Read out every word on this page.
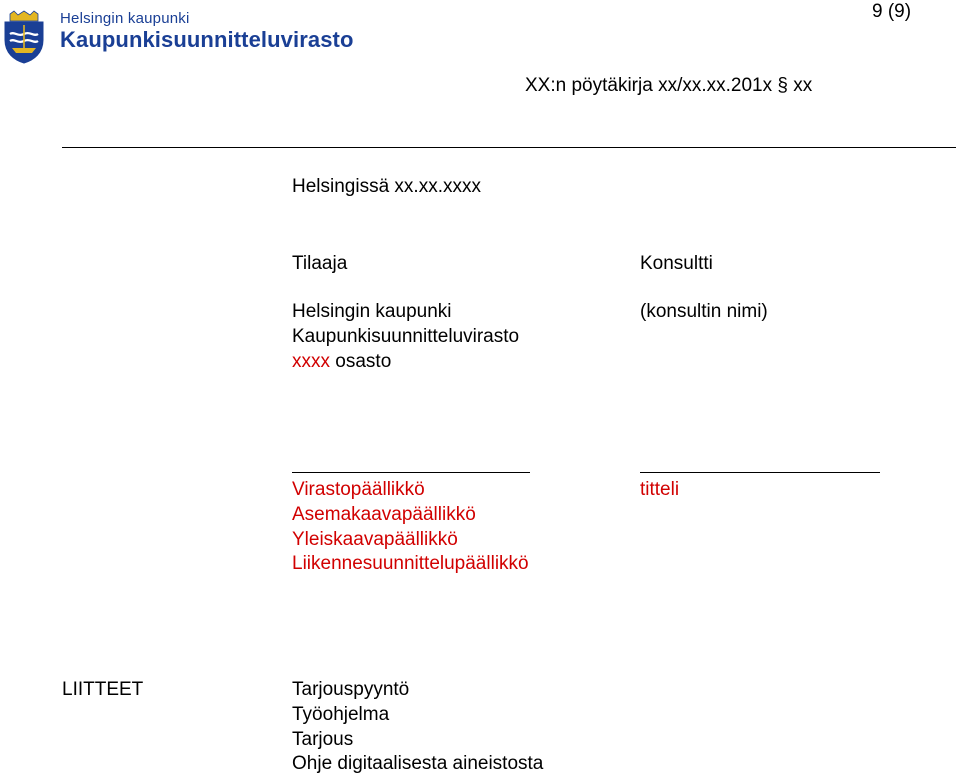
Helsingin kaupunki
Kaupunkisuunnitteluvirasto
9 (9)
XX:n pöytäkirja xx/xx.xx.201x § xx
Helsingissä xx.xx.xxxx
Tilaaja
Helsingin kaupunki
Kaupunkisuunnitteluvirasto
xxxx osasto
Konsultti
(konsultin nimi)
Virastopäällikkö
Asemakaavapäällikkö
Yleiskaavapäällikkö
Liikennesuunnittelupäällikkö
titteli
LIITTEET	Tarjouspyyntö
Työohjelma
Tarjous
Ohje digitaalisesta aineistosta
